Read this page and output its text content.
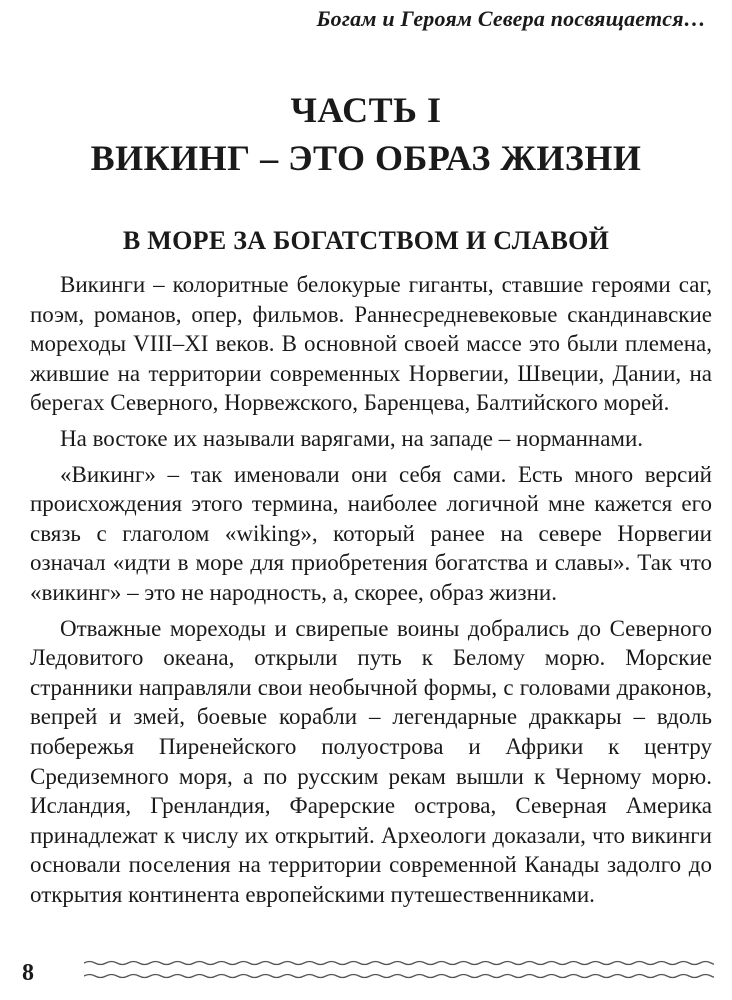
Богам и Героям Севера посвящается…
ЧАСТЬ I
ВИКИНГ – ЭТО ОБРАЗ ЖИЗНИ
В МОРЕ ЗА БОГАТСТВОМ И СЛАВОЙ

Викинги – колоритные белокурые гиганты, ставшие героями саг, поэм, романов, опер, фильмов. Раннесредневековые скандинавские мореходы VIII–XI веков. В основной своей массе это были племена, жившие на территории современных Норвегии, Швеции, Дании, на берегах Северного, Норвежского, Баренцева, Балтийского морей.

На востоке их называли варягами, на западе – норманнами.

«Викинг» – так именовали они себя сами. Есть много версий происхождения этого термина, наиболее логичной мне кажется его связь с глаголом «wiking», который ранее на севере Норвегии означал «идти в море для приобретения богатства и славы». Так что «викинг» – это не народность, а, скорее, образ жизни.

Отважные мореходы и свирепые воины добрались до Северного Ледовитого океана, открыли путь к Белому морю. Морские странники направляли свои необычной формы, с головами драконов, вепрей и змей, боевые корабли – легендарные драккары – вдоль побережья Пиренейского полуострова и Африки к центру Средиземного моря, а по русским рекам вышли к Черному морю. Исландия, Гренландия, Фарерские острова, Северная Америка принадлежат к числу их открытий. Археологи доказали, что викинги основали поселения на территории современной Канады задолго до открытия континента европейскими путешественниками.

8
